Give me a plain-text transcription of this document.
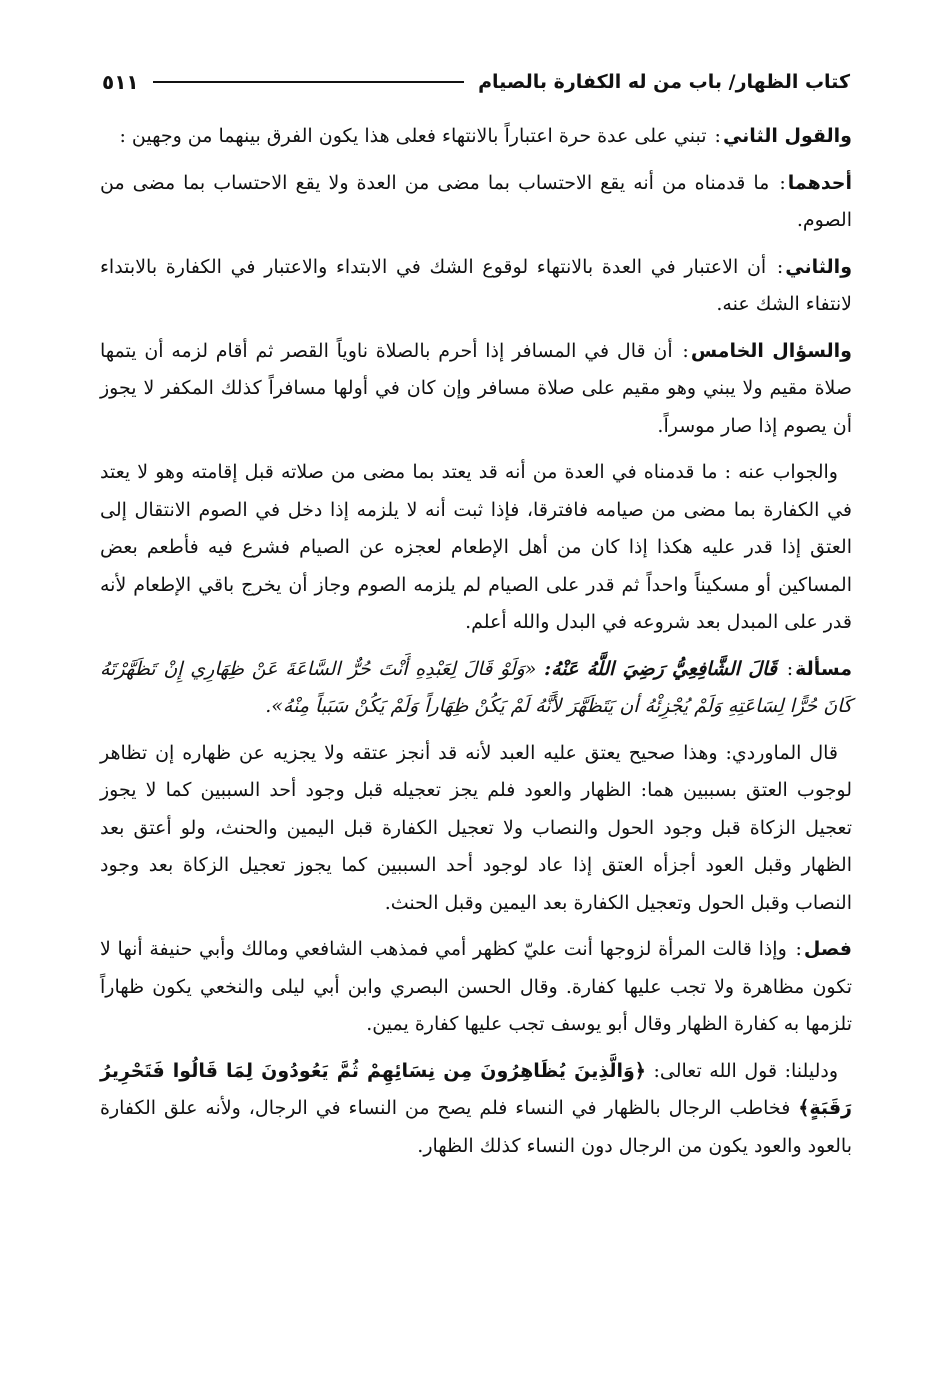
كتاب الظهار/ باب من له الكفارة بالصيام
٥١١

والقول الثاني: تبني على عدة حرة اعتباراً بالانتهاء فعلى هذا يكون الفرق بينهما من وجهين :

أحدهما: ما قدمناه من أنه يقع الاحتساب بما مضى من العدة ولا يقع الاحتساب بما مضى من الصوم.

والثاني: أن الاعتبار في العدة بالانتهاء لوقوع الشك في الابتداء والاعتبار في الكفارة بالابتداء لانتفاء الشك عنه.

والسؤال الخامس: أن قال في المسافر إذا أحرم بالصلاة ناوياً القصر ثم أقام لزمه أن يتمها صلاة مقيم ولا يبني وهو مقيم على صلاة مسافر وإن كان في أولها مسافراً كذلك المكفر لا يجوز أن يصوم إذا صار موسراً.

والجواب عنه : ما قدمناه في العدة من أنه قد يعتد بما مضى من صلاته قبل إقامته وهو لا يعتد في الكفارة بما مضى من صيامه فافترقا، فإذا ثبت أنه لا يلزمه إذا دخل في الصوم الانتقال إلى العتق إذا قدر عليه هكذا إذا كان من أهل الإطعام لعجزه عن الصيام فشرع فيه فأطعم بعض المساكين أو مسكيناً واحداً ثم قدر على الصيام لم يلزمه الصوم وجاز أن يخرج باقي الإطعام لأنه قدر على المبدل بعد شروعه في البدل والله أعلم.

مسألة: قَالَ الشَّافِعِيُّ رَضِيَ اللَّهُ عَنْهُ: «وَلَوْ قَالَ لِعَبْدِهِ أَنْتَ حُرٌّ السَّاعَةَ عَنْ ظِهَارِي إِنْ تَظَهَّرْتَهُ كَانَ حُرًّا لِسَاعَتِهِ وَلَمْ يُجْزِئْهُ أن يَتَظَهَّرَ لأَنَّهُ لَمْ يَكُنْ ظِهَاراً وَلَمْ يَكُنْ سَبَباً مِنْهُ».

قال الماوردي: وهذا صحيح يعتق عليه العبد لأنه قد أنجز عتقه ولا يجزيه عن ظهاره إن تظاهر لوجوب العتق بسببين هما: الظهار والعود فلم يجز تعجيله قبل وجود أحد السببين كما لا يجوز تعجيل الزكاة قبل وجود الحول والنصاب ولا تعجيل الكفارة قبل اليمين والحنث، ولو أعتق بعد الظهار وقبل العود أجزأه العتق إذا عاد لوجود أحد السببين كما يجوز تعجيل الزكاة بعد وجود النصاب وقبل الحول وتعجيل الكفارة بعد اليمين وقبل الحنث.

فصل: وإذا قالت المرأة لزوجها أنت عليّ كظهر أمي فمذهب الشافعي ومالك وأبي حنيفة أنها لا تكون مظاهرة ولا تجب عليها كفارة. وقال الحسن البصري وابن أبي ليلى والنخعي يكون ظهاراً تلزمها به كفارة الظهار وقال أبو يوسف تجب عليها كفارة يمين.

ودليلنا: قول الله تعالى: ﴿وَالَّذِينَ يُظَاهِرُونَ مِن نِسَائِهِمْ ثُمَّ يَعُودُونَ لِمَا قَالُوا فَتَحْرِيرُ رَقَبَةٍ﴾ فخاطب الرجال بالظهار في النساء فلم يصح من النساء في الرجال، ولأنه علق الكفارة بالعود والعود يكون من الرجال دون النساء كذلك الظهار.
